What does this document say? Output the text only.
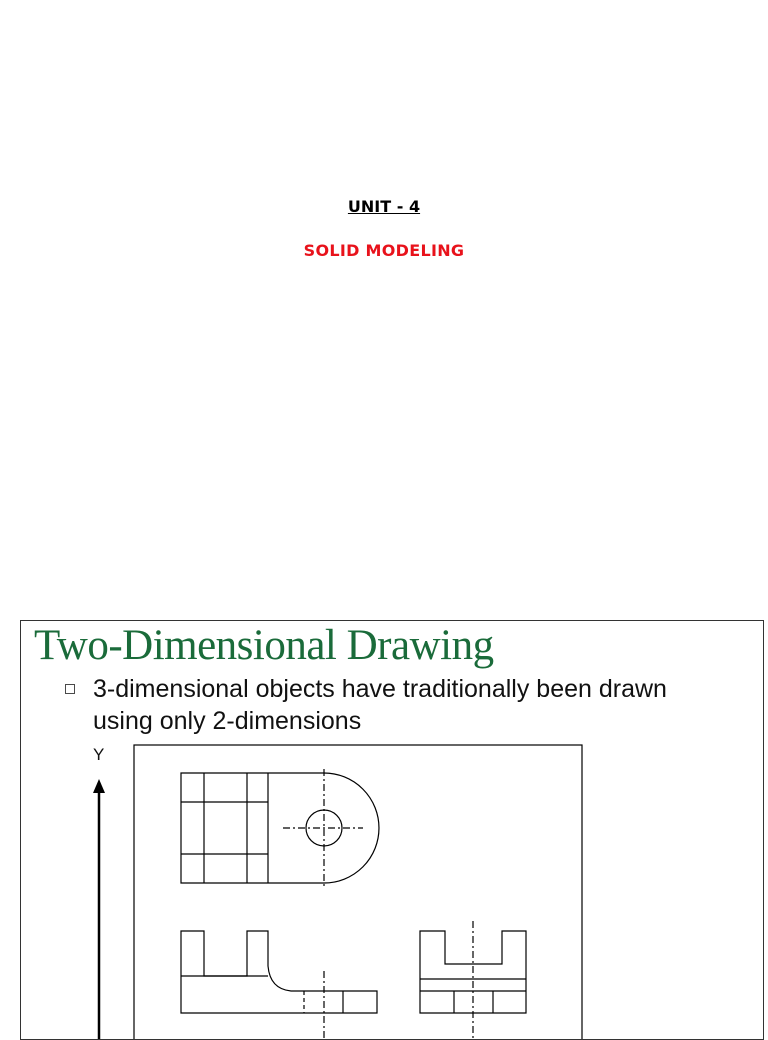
UNIT - 4
SOLID MODELING
Two-Dimensional Drawing
3-dimensional objects have traditionally been drawn using only 2-dimensions
Y
